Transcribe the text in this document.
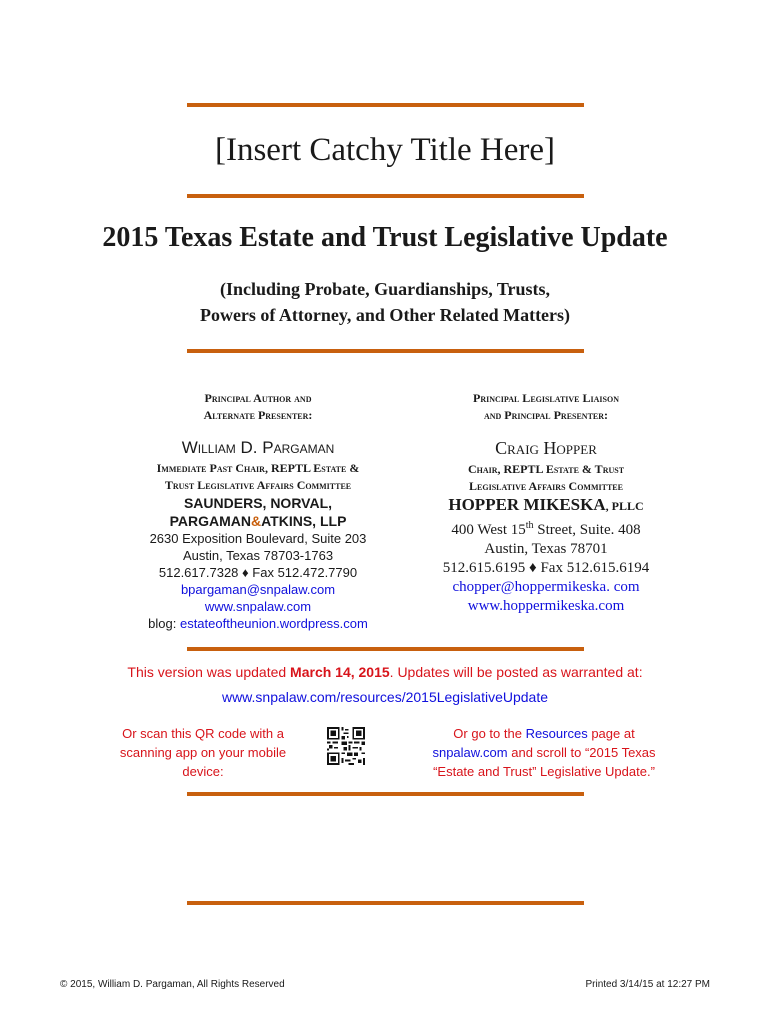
[Insert Catchy Title Here]
2015 Texas Estate and Trust Legislative Update
(Including Probate, Guardianships, Trusts,
Powers of Attorney, and Other Related Matters)
Principal Author and
Alternate Presenter:
William D. Pargaman
Immediate Past Chair, REPTL Estate &
Trust Legislative Affairs Committee
SAUNDERS, NORVAL,
PARGAMAN&ATKINS, LLP
2630 Exposition Boulevard, Suite 203
Austin, Texas 78703-1763
512.617.7328 ♦ Fax 512.472.7790
bpargaman@snpalaw.com
www.snpalaw.com
blog: estateoftheunion.wordpress.com
Principal Legislative Liaison
and Principal Presenter:
Craig Hopper
Chair, REPTL Estate & Trust
Legislative Affairs Committee
HOPPER MIKESKA, PLLC
400 West 15th Street, Suite. 408
Austin, Texas 78701
512.615.6195 ♦ Fax 512.615.6194
chopper@hoppermikeska. com
www.hoppermikeska.com
This version was updated March 14, 2015. Updates will be posted as warranted at:
www.snpalaw.com/resources/2015LegislativeUpdate
Or scan this QR code with a
scanning app on your mobile
device:
Or go to the Resources page at
snpalaw.com and scroll to “2015 Texas
“Estate and Trust” Legislative Update.”
© 2015, William D. Pargaman, All Rights Reserved	Printed 3/14/15 at 12:27 PM
